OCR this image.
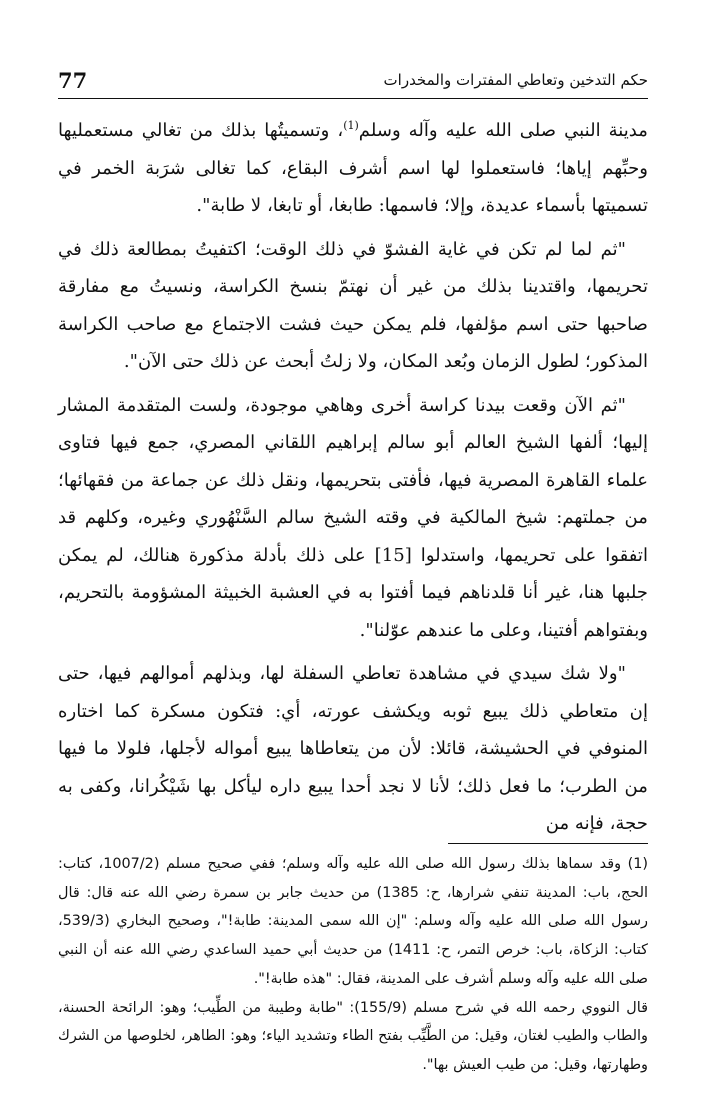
77	حكم التدخين وتعاطي المفترات والمخدرات

مدينة النبي صلى الله عليه وآله وسلم$^{(1)}$، وتسميتُها بذلك من تغالي مستعمليها وحبِّهم إياها؛ فاستعملوا لها اسم أشرف البقاع، كما تغالى شرَبة الخمر في تسميتها بأسماء عديدة، وإلا؛ فاسمها: طابغا، أو تابغا، لا طابة".

"ثم لما لم تكن في غاية الفشوّ في ذلك الوقت؛ اكتفيتُ بمطالعة ذلك في تحريمها، واقتدينا بذلك من غير أن نهتمّ بنسخ الكراسة، ونسيتُ مع مفارقة صاحبها حتى اسم مؤلفها، فلم يمكن حيث فشت الاجتماع مع صاحب الكراسة المذكور؛ لطول الزمان وبُعد المكان، ولا زلتُ أبحث عن ذلك حتى الآن".

"ثم الآن وقعت بيدنا كراسة أخرى وهاهي موجودة، ولست المتقدمة المشار إليها؛ ألفها الشيخ العالم أبو سالم إبراهيم اللقاني المصري، جمع فيها فتاوى علماء القاهرة المصرية فيها، فأفتى بتحريمها، ونقل ذلك عن جماعة من فقهائها؛ من جملتهم: شيخ المالكية في وقته الشيخ سالم السَّنْهُوري وغيره، وكلهم قد اتفقوا على تحريمها، واستدلوا [15] على ذلك بأدلة مذكورة هنالك، لم يمكن جلبها هنا، غير أنا قلدناهم فيما أفتوا به في العشبة الخبيثة المشؤومة بالتحريم، وبفتواهم أفتينا، وعلى ما عندهم عوّلنا".

"ولا شك سيدي في مشاهدة تعاطي السفلة لها، وبذلهم أموالهم فيها، حتى إن متعاطي ذلك يبيع ثوبه ويكشف عورته، أي: فتكون مسكرة كما اختاره المنوفي في الحشيشة، قائلا: لأن من يتعاطاها يبيع أمواله لأجلها، فلولا ما فيها من الطرب؛ ما فعل ذلك؛ لأنا لا نجد أحدا يبيع داره ليأكل بها شَيْكُرانا، وكفى به حجة، فإنه من

(1) وقد سماها بذلك رسول الله صلى الله عليه وآله وسلم؛ ففي صحيح مسلم (1007/2، كتاب: الحج، باب: المدينة تنفي شرارها، ح: 1385) من حديث جابر بن سمرة رضي الله عنه قال: قال رسول الله صلى الله عليه وآله وسلم: "إن الله سمى المدينة: طابة!"، وصحيح البخاري (539/3، كتاب: الزكاة، باب: خرص التمر، ح: 1411) من حديث أبي حميد الساعدي رضي الله عنه أن النبي صلى الله عليه وآله وسلم أشرف على المدينة، فقال: "هذه طابة!".

قال النووي رحمه الله في شرح مسلم (155/9): "طابة وطيبة من الطِّيب؛ وهو: الرائحة الحسنة، والطاب والطيب لغتان، وقيل: من الطَّيِّب بفتح الطاء وتشديد الياء؛ وهو: الطاهر، لخلوصها من الشرك وطهارتها، وقيل: من طيب العيش بها".
